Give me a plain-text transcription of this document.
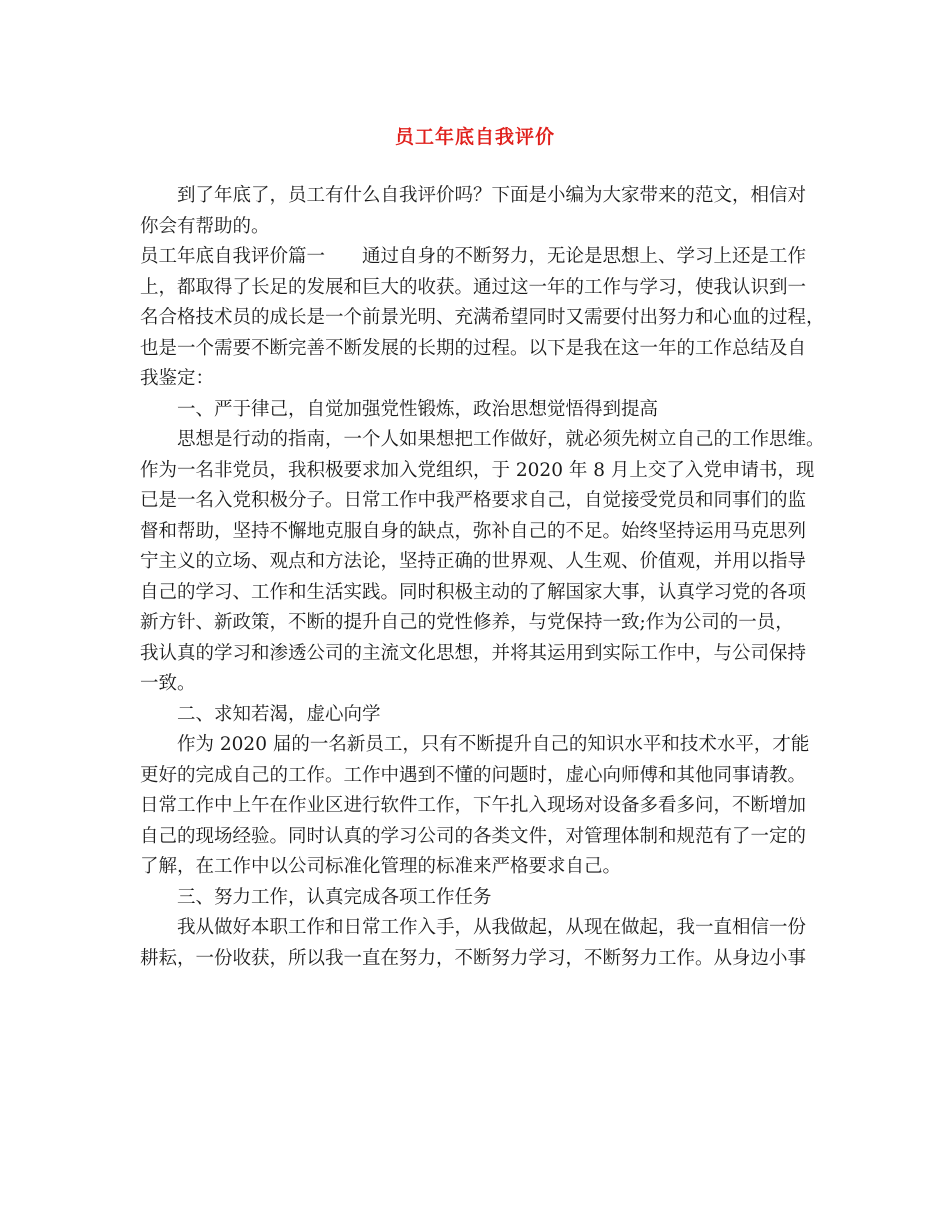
员工年底自我评价
到了年底了，员工有什么自我评价吗？下面是小编为大家带来的范文，相信对
你会有帮助的。
员工年底自我评价篇一　　通过自身的不断努力，无论是思想上、学习上还是工作
上，都取得了长足的发展和巨大的收获。通过这一年的工作与学习，使我认识到一
名合格技术员的成长是一个前景光明、充满希望同时又需要付出努力和心血的过程，
也是一个需要不断完善不断发展的长期的过程。以下是我在这一年的工作总结及自
我鉴定：
一、严于律己，自觉加强党性锻炼，政治思想觉悟得到提高
思想是行动的指南，一个人如果想把工作做好，就必须先树立自己的工作思维。
作为一名非党员，我积极要求加入党组织，于 2020 年 8 月上交了入党申请书，现
已是一名入党积极分子。日常工作中我严格要求自己，自觉接受党员和同事们的监
督和帮助，坚持不懈地克服自身的缺点，弥补自己的不足。始终坚持运用马克思列
宁主义的立场、观点和方法论，坚持正确的世界观、人生观、价值观，并用以指导
自己的学习、工作和生活实践。同时积极主动的了解国家大事，认真学习党的各项
新方针、新政策，不断的提升自己的党性修养，与党保持一致;作为公司的一员，
我认真的学习和渗透公司的主流文化思想，并将其运用到实际工作中，与公司保持
一致。
二、求知若渴，虚心向学
作为 2020 届的一名新员工，只有不断提升自己的知识水平和技术水平，才能
更好的完成自己的工作。工作中遇到不懂的问题时，虚心向师傅和其他同事请教。
日常工作中上午在作业区进行软件工作，下午扎入现场对设备多看多问，不断增加
自己的现场经验。同时认真的学习公司的各类文件，对管理体制和规范有了一定的
了解，在工作中以公司标准化管理的标准来严格要求自己。
三、努力工作，认真完成各项工作任务
我从做好本职工作和日常工作入手，从我做起，从现在做起，我一直相信一份
耕耘，一份收获，所以我一直在努力，不断努力学习，不断努力工作。从身边小事
